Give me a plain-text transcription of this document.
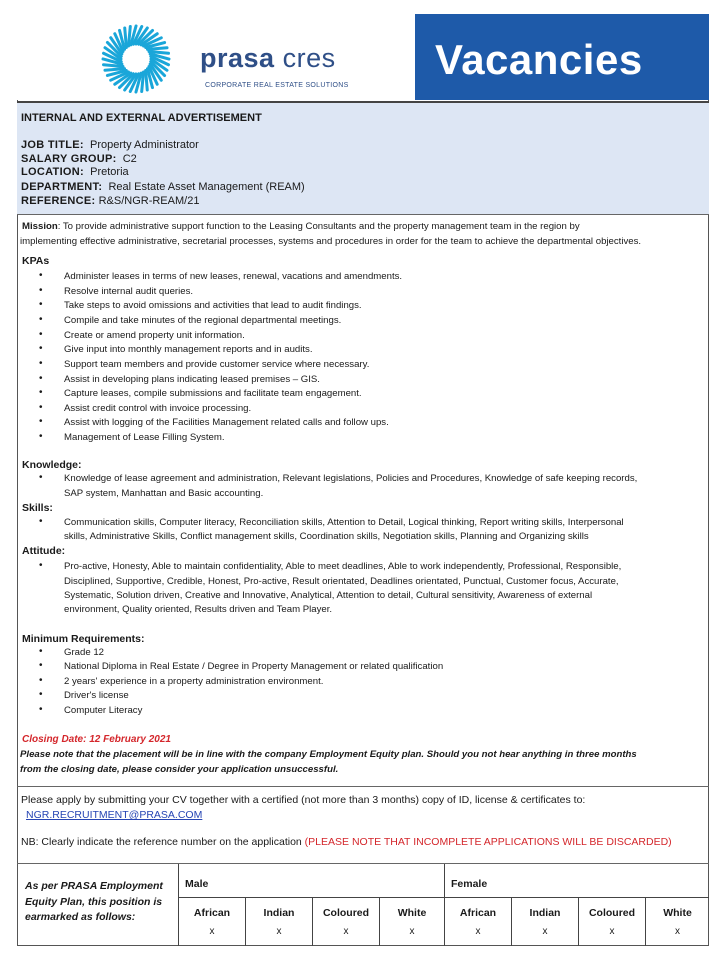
prasa cres
CORPORATE REAL ESTATE SOLUTIONS
Vacancies
INTERNAL AND EXTERNAL ADVERTISEMENT
JOB TITLE: Property Administrator
SALARY GROUP: C2
LOCATION: Pretoria
DEPARTMENT: Real Estate Asset Management (REAM)
REFERENCE: R&S/NGR-REAM/21
Mission: To provide administrative support function to the Leasing Consultants and the property management team in the region by
implementing effective administrative, secretarial processes, systems and procedures in order for the team to achieve the departmental objectives.
KPAs
• Administer leases in terms of new leases, renewal, vacations and amendments.
• Resolve internal audit queries.
• Take steps to avoid omissions and activities that lead to audit findings.
• Compile and take minutes of the regional departmental meetings.
• Create or amend property unit information.
• Give input into monthly management reports and in audits.
• Support team members and provide customer service where necessary.
• Assist in developing plans indicating leased premises – GIS.
• Capture leases, compile submissions and facilitate team engagement.
• Assist credit control with invoice processing.
• Assist with logging of the Facilities Management related calls and follow ups.
• Management of Lease Filling System.
Knowledge:
• Knowledge of lease agreement and administration, Relevant legislations, Policies and Procedures, Knowledge of safe keeping records,
SAP system, Manhattan and Basic accounting.
Skills:
• Communication skills, Computer literacy, Reconciliation skills, Attention to Detail, Logical thinking, Report writing skills, Interpersonal
skills, Administrative Skills, Conflict management skills, Coordination skills, Negotiation skills, Planning and Organizing skills
Attitude:
• Pro-active, Honesty, Able to maintain confidentiality, Able to meet deadlines, Able to work independently, Professional, Responsible,
Disciplined, Supportive, Credible, Honest, Pro-active, Result orientated, Deadlines orientated, Punctual, Customer focus, Accurate,
Systematic, Solution driven, Creative and Innovative, Analytical, Attention to detail, Cultural sensitivity, Awareness of external
environment, Quality oriented, Results driven and Team Player.
Minimum Requirements:
• Grade 12
• National Diploma in Real Estate / Degree in Property Management or related qualification
• 2 years' experience in a property administration environment.
• Driver's license
• Computer Literacy
Closing Date: 12 February 2021
Please note that the placement will be in line with the company Employment Equity plan. Should you not hear anything in three months
from the closing date, please consider your application unsuccessful.
Please apply by submitting your CV together with a certified (not more than 3 months) copy of ID, license & certificates to:
NGR.RECRUITMENT@PRASA.COM
NB: Clearly indicate the reference number on the application (PLEASE NOTE THAT INCOMPLETE APPLICATIONS WILL BE DISCARDED)
As per PRASA Employment
Equity Plan, this position is
earmarked as follows:
Male	Female
African
x
Indian
x
Coloured
x
White
x
African
x
Indian
x
Coloured
x
White
x
